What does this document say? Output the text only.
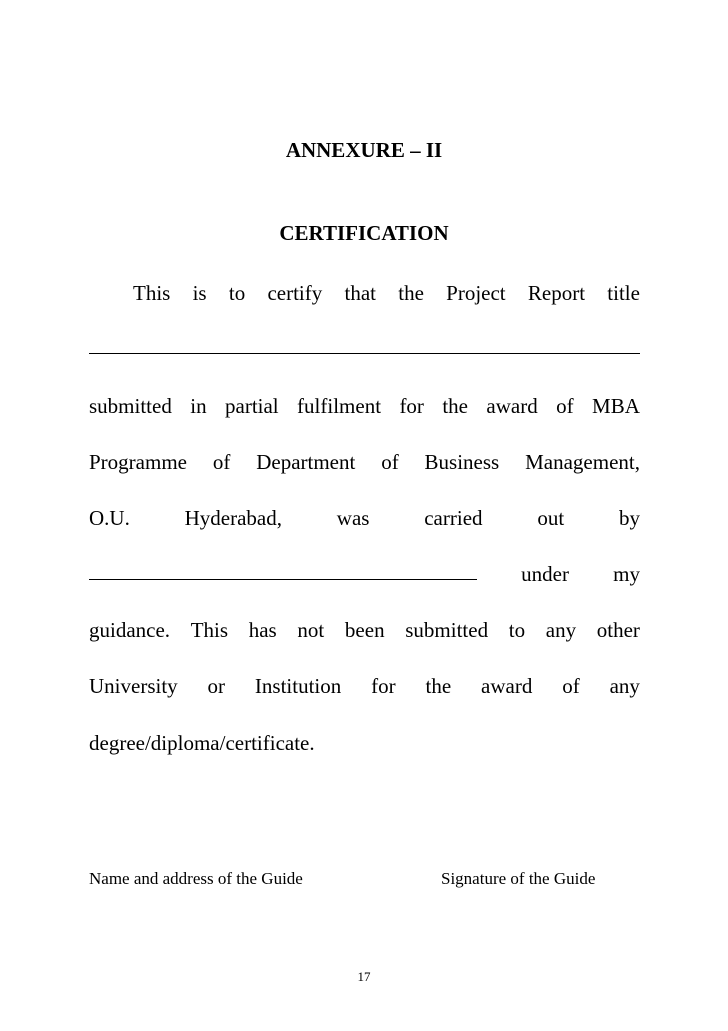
ANNEXURE – II
CERTIFICATION
This is to certify that the Project Report title
submitted in partial fulfilment for the award of MBA
Programme of Department of Business Management,
O.U.	Hyderabad,	was	carried	out	by
under my
guidance. This has not been submitted to any other
University or Institution for the award of any
degree/diploma/certificate.
Name and address of the Guide	Signature of the Guide
17
